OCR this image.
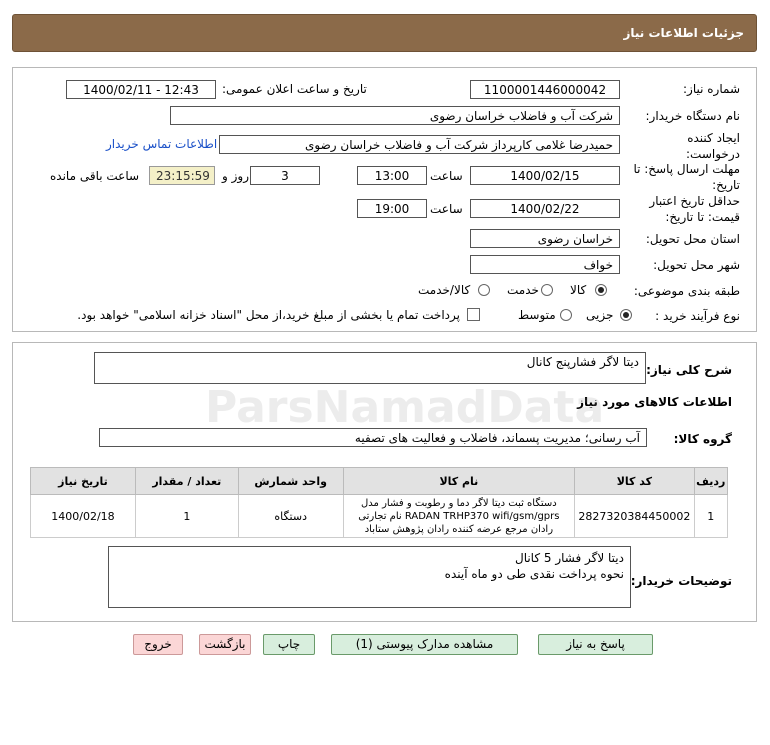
جزئیات اطلاعات نیاز
شماره نیاز:
1100001446000042
تاریخ و ساعت اعلان عمومی:
1400/02/11 - 12:43
نام دستگاه خریدار:
شرکت آب و فاضلاب خراسان رضوی
ایجاد کننده درخواست:
حمیدرضا غلامی کارپرداز شرکت آب و فاضلاب خراسان رضوی
اطلاعات تماس خریدار
مهلت ارسال پاسخ: تا تاریخ:
1400/02/15
ساعت
13:00
3
روز و
23:15:59
ساعت باقی مانده
حداقل تاریخ اعتبار قیمت: تا تاریخ:
1400/02/22
ساعت
19:00
استان محل تحویل:
خراسان رضوی
شهر محل تحویل:
خواف
طبقه بندی موضوعی:
کالا
خدمت
کالا/خدمت
نوع فرآیند خرید :
جزیی
متوسط
پرداخت تمام یا بخشی از مبلغ خرید،از محل "اسناد خزانه اسلامی" خواهد بود.
شرح کلی نیاز:
دیتا لاگر فشارپنج کانال
اطلاعات کالاهای مورد نیاز
گروه کالا:
آب رسانی؛ مدیریت پسماند، فاضلاب و فعالیت های تصفیه
ردیف	کد کالا	نام کالا	واحد شمارش	تعداد / مقدار	تاریخ نیاز
1	2827320384450002	دستگاه ثبت دیتا لاگر دما و رطوبت و فشار مدل RADAN TRHP370 wifi/gsm/gprs نام تجارتی رادان مرجع عرضه کننده رادان پژوهش ستاباد	دستگاه	1	1400/02/18
توضیحات خریدار:
دیتا لاگر فشار 5 کانال
نحوه پرداخت نقدی طی دو ماه آینده
پاسخ به نیاز
مشاهده مدارک پیوستی (1)
چاپ
بازگشت
خروج
